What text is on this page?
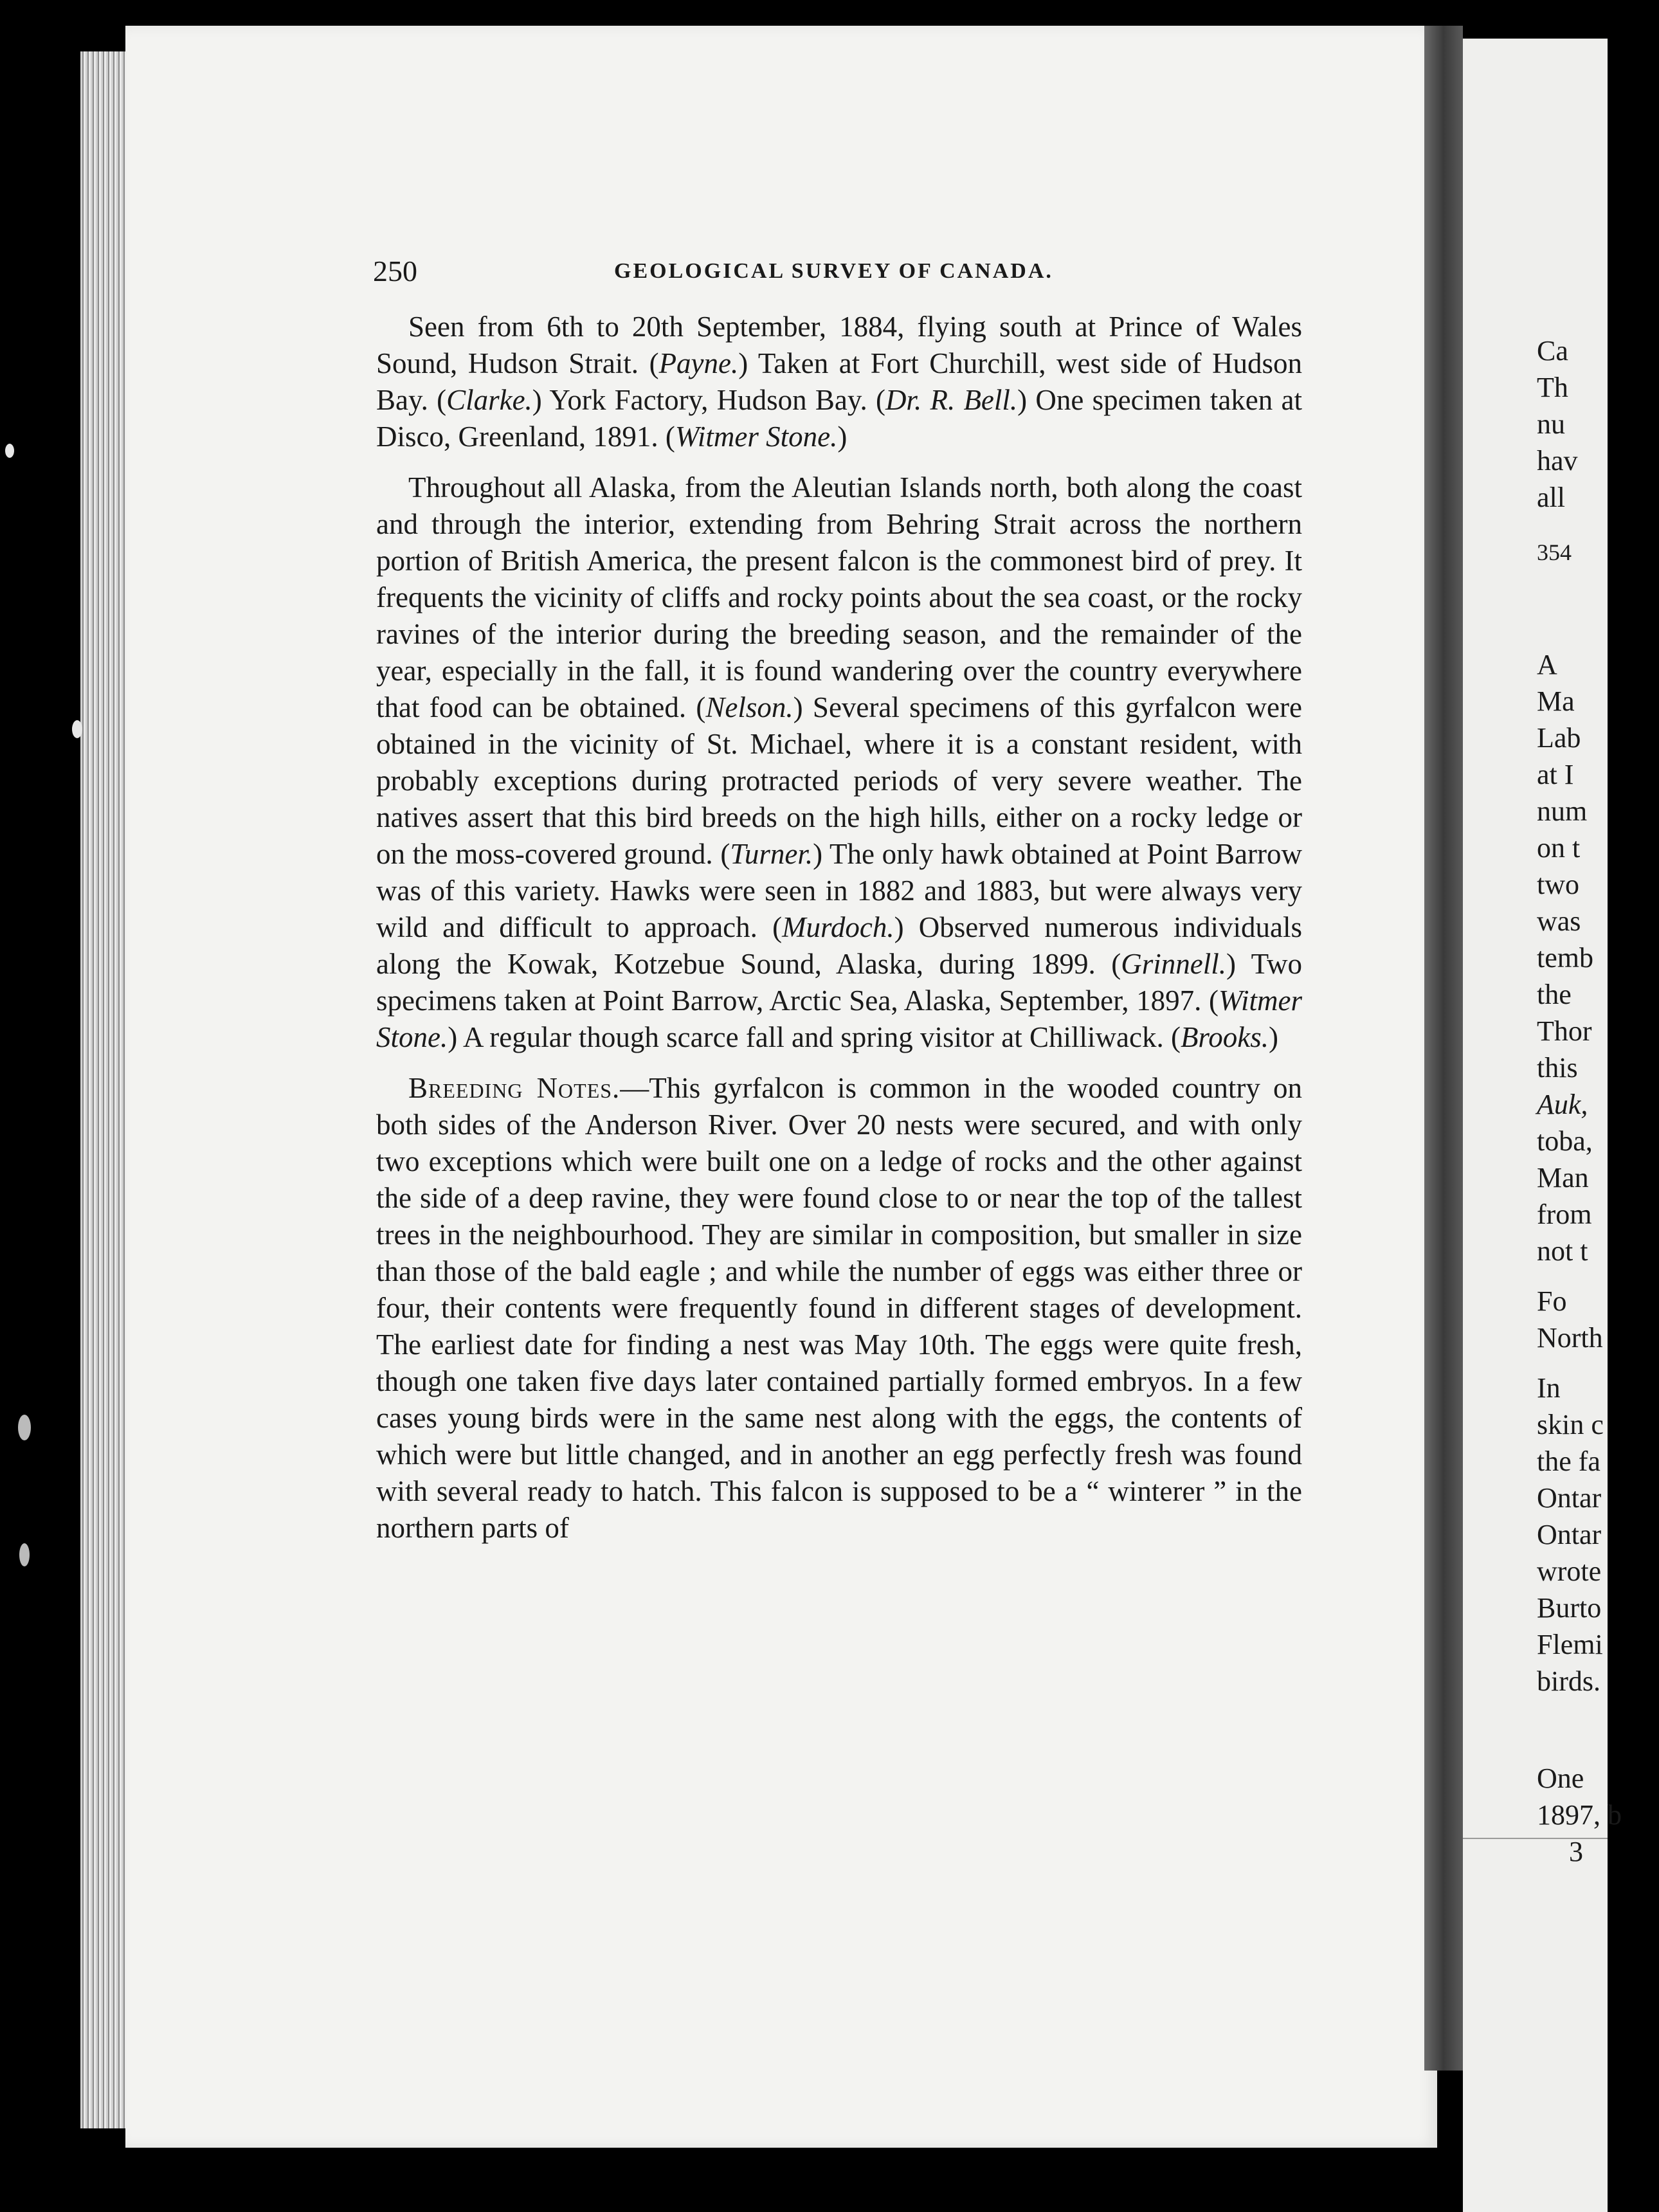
250	GEOLOGICAL SURVEY OF CANADA.

Seen from 6th to 20th September, 1884, flying south at Prince of Wales Sound, Hudson Strait. (Payne.) Taken at Fort Churchill, west side of Hudson Bay. (Clarke.) York Factory, Hudson Bay. (Dr. R. Bell.) One specimen taken at Disco, Greenland, 1891. (Witmer Stone.)

Throughout all Alaska, from the Aleutian Islands north, both along the coast and through the interior, extending from Behring Strait across the northern portion of British America, the present falcon is the commonest bird of prey. It frequents the vicinity of cliffs and rocky points about the sea coast, or the rocky ravines of the interior during the breeding season, and the remainder of the year, especially in the fall, it is found wandering over the country everywhere that food can be obtained. (Nelson.) Several specimens of this gyrfalcon were obtained in the vicinity of St. Michael, where it is a constant resident, with probably exceptions during protracted periods of very severe weather. The natives assert that this bird breeds on the high hills, either on a rocky ledge or on the moss-covered ground. (Turner.) The only hawk obtained at Point Barrow was of this variety. Hawks were seen in 1882 and 1883, but were always very wild and difficult to approach. (Murdoch.) Observed numerous individuals along the Kowak, Kotzebue Sound, Alaska, during 1899. (Grinnell.) Two specimens taken at Point Barrow, Arctic Sea, Alaska, September, 1897. (Witmer Stone.) A regular though scarce fall and spring visitor at Chilliwack. (Brooks.)

Breeding Notes.—This gyrfalcon is common in the wooded country on both sides of the Anderson River. Over 20 nests were secured, and with only two exceptions which were built one on a ledge of rocks and the other against the side of a deep ravine, they were found close to or near the top of the tallest trees in the neighbourhood. They are similar in composition, but smaller in size than those of the bald eagle ; and while the number of eggs was either three or four, their contents were frequently found in different stages of development. The earliest date for finding a nest was May 10th. The eggs were quite fresh, though one taken five days later contained partially formed embryos. In a few cases young birds were in the same nest along with the eggs, the contents of which were but little changed, and in another an egg perfectly fresh was found with several ready to hatch. This falcon is supposed to be a “ winterer ” in the northern parts of

Ca
Th
nu
hav
all
354
A
Ma
Lab
at I
num
on t
two
was
temb
the
Thor
this
Auk,
toba,
Man
from
not t
Fo
North
In
skin c
the fa
Ontar
Ontar
wrote
Burto
Flemi
birds.
One
1897, b
3
